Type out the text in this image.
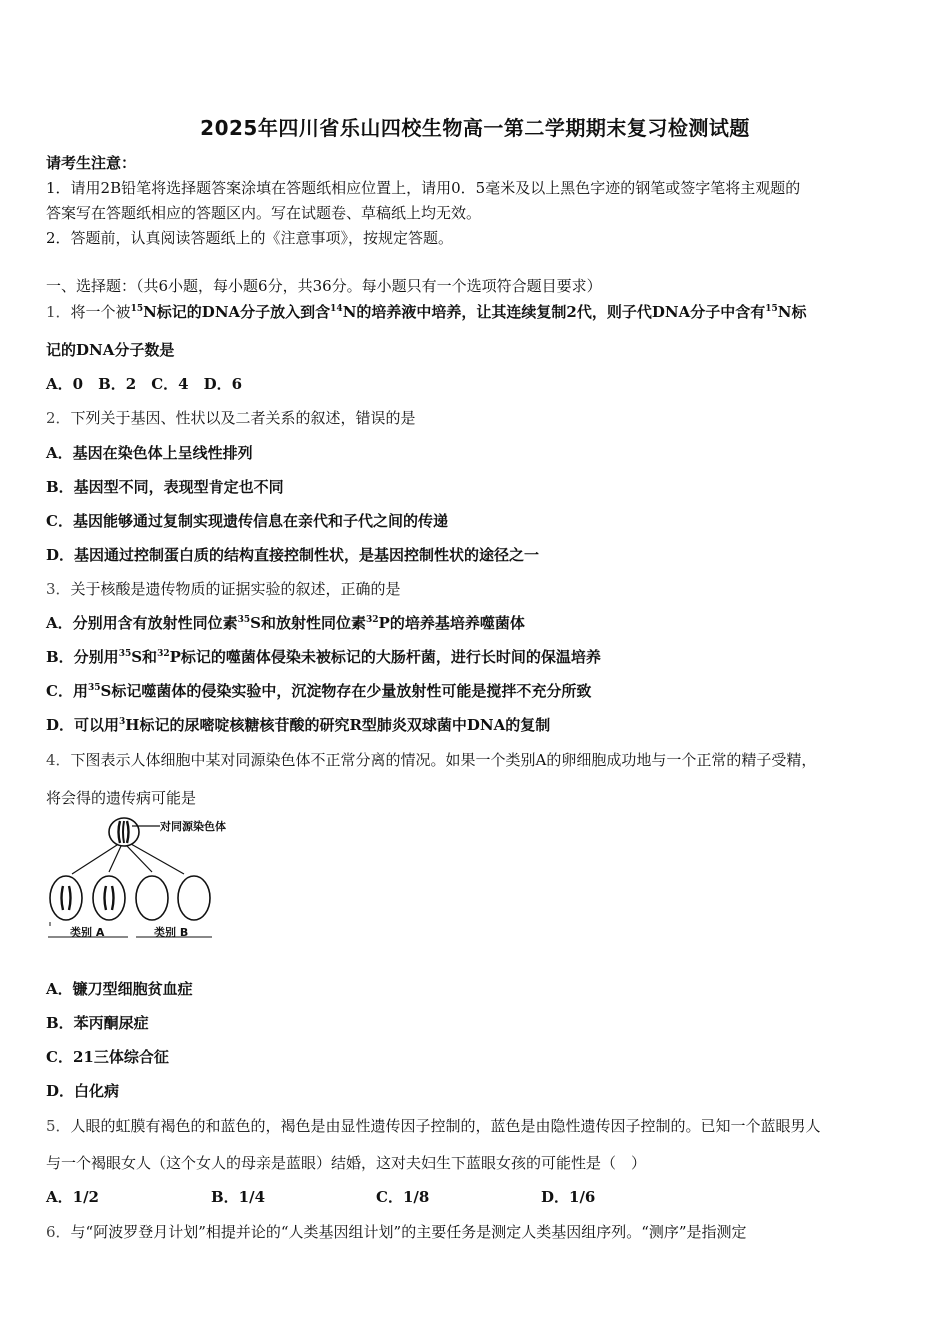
2025年四川省乐山四校生物高一第二学期期末复习检测试题
请考生注意：
1．请用2B铅笔将选择题答案涂填在答题纸相应位置上，请用0．5毫米及以上黑色字迹的钢笔或签字笔将主观题的
答案写在答题纸相应的答题区内。写在试题卷、草稿纸上均无效。
2．答题前，认真阅读答题纸上的《注意事项》，按规定答题。
一、选择题：（共6小题，每小题6分，共36分。每小题只有一个选项符合题目要求）
1．将一个被$^{15}$N标记的DNA分子放入到含$^{14}$N的培养液中培养，让其连续复制2代，则子代DNA分子中含有$^{15}$N标
记的DNA分子数是
A．0　B．2　C．4　D．6
2．下列关于基因、性状以及二者关系的叙述，错误的是
A．基因在染色体上呈线性排列
B．基因型不同，表现型肯定也不同
C．基因能够通过复制实现遗传信息在亲代和子代之间的传递
D．基因通过控制蛋白质的结构直接控制性状，是基因控制性状的途径之一
3．关于核酸是遗传物质的证据实验的叙述，正确的是
A．分别用含有放射性同位素$^{35}$S和放射性同位素$^{32}$P的培养基培养噬菌体
B．分别用$^{35}$S和$^{32}$P标记的噬菌体侵染未被标记的大肠杆菌，进行长时间的保温培养
C．用$^{35}$S标记噬菌体的侵染实验中，沉淀物存在少量放射性可能是搅拌不充分所致
D．可以用$^3$H标记的尿嘧啶核糖核苷酸的研究R型肺炎双球菌中DNA的复制
4．下图表示人体细胞中某对同源染色体不正常分离的情况。如果一个类别A的卵细胞成功地与一个正常的精子受精，
将会得的遗传病可能是
对同源染色体
类别 A	类别 B
A．镰刀型细胞贫血症
B．苯丙酮尿症
C．21三体综合征
D．白化病
5．人眼的虹膜有褐色的和蓝色的，褐色是由显性遗传因子控制的，蓝色是由隐性遗传因子控制的。已知一个蓝眼男人
与一个褐眼女人（这个女人的母亲是蓝眼）结婚，这对夫妇生下蓝眼女孩的可能性是（　）
A．1/2	B．1/4	C．1/8	D．1/6
6．与“阿波罗登月计划”相提并论的“人类基因组计划”的主要任务是测定人类基因组序列。“测序”是指测定
